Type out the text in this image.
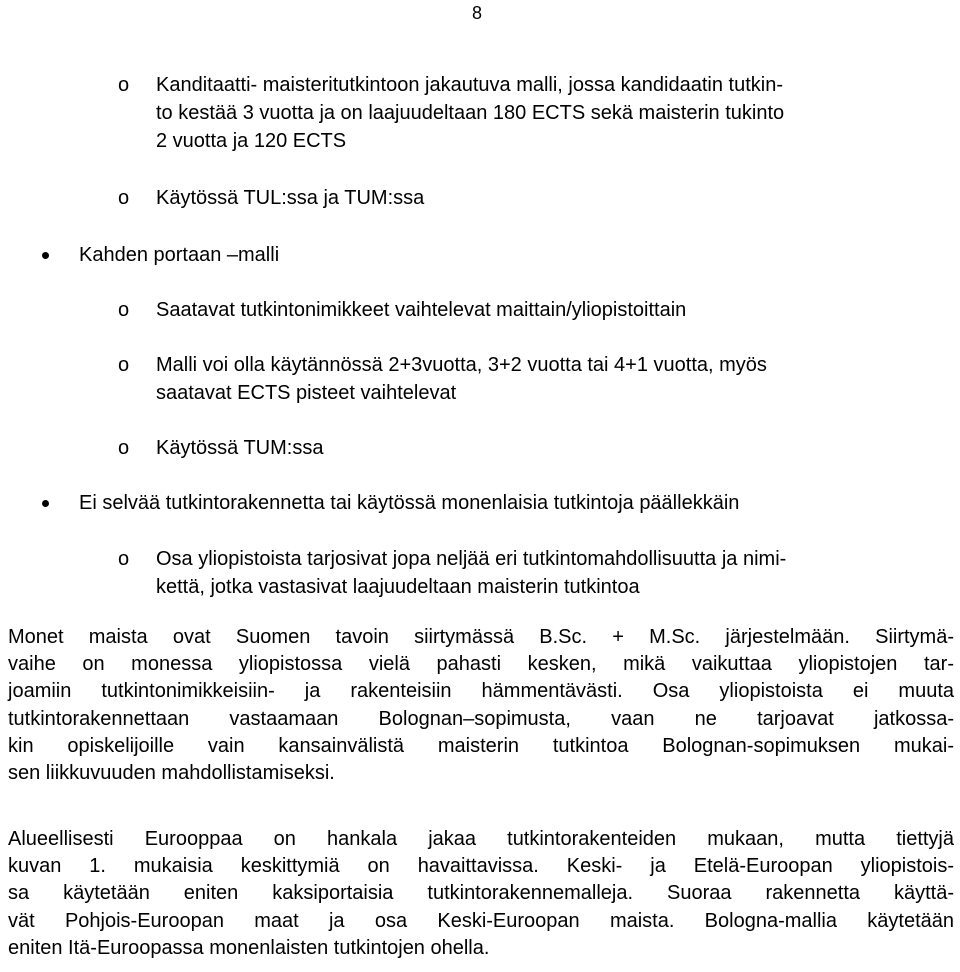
8
o Kanditaatti- maisteritutkintoon jakautuva malli, jossa kandidaatin tutkin-
to kestää 3 vuotta ja on laajuudeltaan 180 ECTS sekä maisterin tukinto
2 vuotta ja 120 ECTS
o Käytössä TUL:ssa ja TUM:ssa
Kahden portaan –malli
o Saatavat tutkintonimikkeet vaihtelevat maittain/yliopistoittain
o Malli voi olla käytännössä 2+3vuotta, 3+2 vuotta tai 4+1 vuotta, myös
saatavat ECTS pisteet vaihtelevat
o Käytössä TUM:ssa
Ei selvää tutkintorakennetta tai käytössä monenlaisia tutkintoja päällekkäin
o Osa yliopistoista tarjosivat jopa neljää eri tutkintomahdollisuutta ja nimi-
kettä, jotka vastasivat laajuudeltaan maisterin tutkintoa
Monet maista ovat Suomen tavoin siirtymässä B.Sc. + M.Sc. järjestelmään. Siirtymä-
vaihe on monessa yliopistossa vielä pahasti kesken, mikä vaikuttaa yliopistojen tar-
joamiin tutkintonimikkeisiin- ja rakenteisiin hämmentävästi. Osa yliopistoista ei muuta
tutkintorakennettaan vastaamaan Bolognan–sopimusta, vaan ne tarjoavat jatkossa-
kin opiskelijoille vain kansainvälistä maisterin tutkintoa Bolognan-sopimuksen mukai-
sen liikkuvuuden mahdollistamiseksi.
Alueellisesti Eurooppaa on hankala jakaa tutkintorakenteiden mukaan, mutta tiettyjä
kuvan 1. mukaisia keskittymiä on havaittavissa. Keski- ja Etelä-Euroopan yliopistois-
sa käytetään eniten kaksiportaisia tutkintorakennemalleja. Suoraa rakennetta käyttä-
vät Pohjois-Euroopan maat ja osa Keski-Euroopan maista. Bologna-mallia käytetään
eniten Itä-Euroopassa monenlaisten tutkintojen ohella.
